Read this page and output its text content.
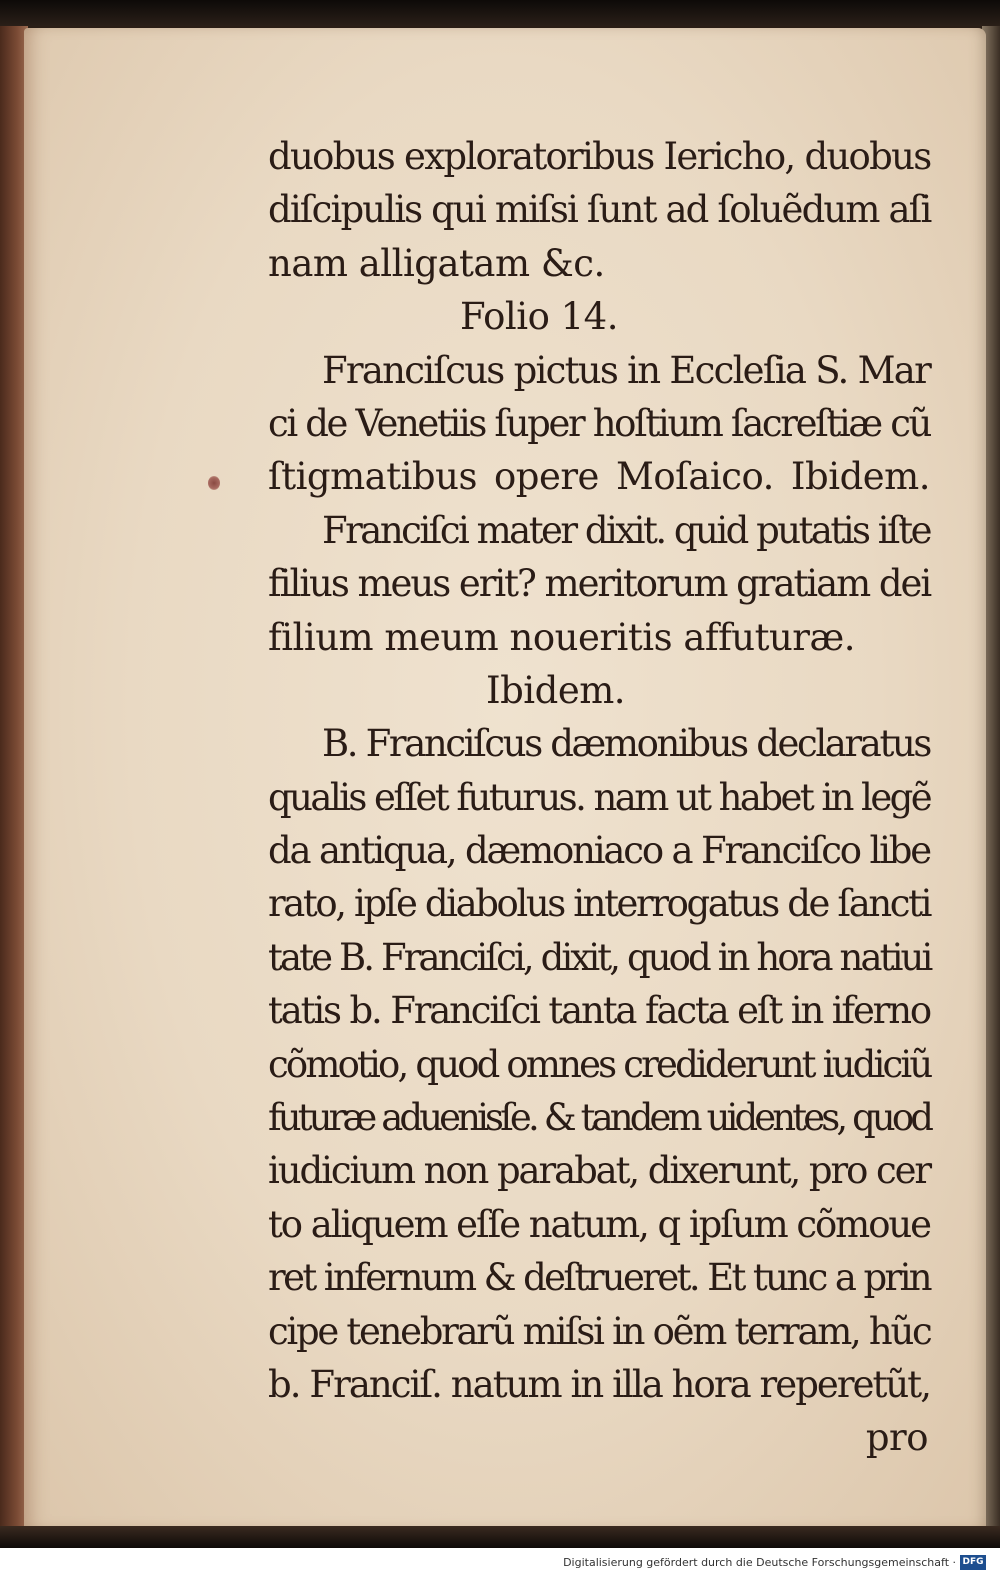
duobus exploratoribus Iericho, duobus
diſcipulis qui miſsi ſunt ad ſoluẽdum aſi
nam alligatam &c.
Folio 14.
Franciſcus pictus in Eccleſia S. Mar
ci de Venetiis ſuper hoſtium ſacreſtiæ cũ
ſtigmatibus opere Moſaico. Ibidem.
Franciſci mater dixit. quid putatis iſte
filius meus erit? meritorum gratiam dei
filium meum noueritis affuturæ.
Ibidem.
B. Franciſcus dæmonibus declaratus
qualis eſſet futurus. nam ut habet in legẽ
da antiqua, dæmoniaco a Franciſco libe
rato, ipſe diabolus interrogatus de ſancti
tate B. Franciſci, dixit, quod in hora natiui
tatis b. Franciſci tanta facta eſt in iferno
cõmotio, quod omnes crediderunt iudiciũ
futuræ aduenisſe. & tandem uidentes, quod
iudicium non parabat, dixerunt, pro cer
to aliquem eſſe natum, q ipſum cõmoue
ret infernum & deſtrueret. Et tunc a prin
cipe tenebrarũ miſsi in oẽm terram, hũc
b. Franciſ. natum in illa hora reperetũt,
pro
Digitalisierung gefördert durch die Deutsche Forschungsgemeinschaft · DFG
